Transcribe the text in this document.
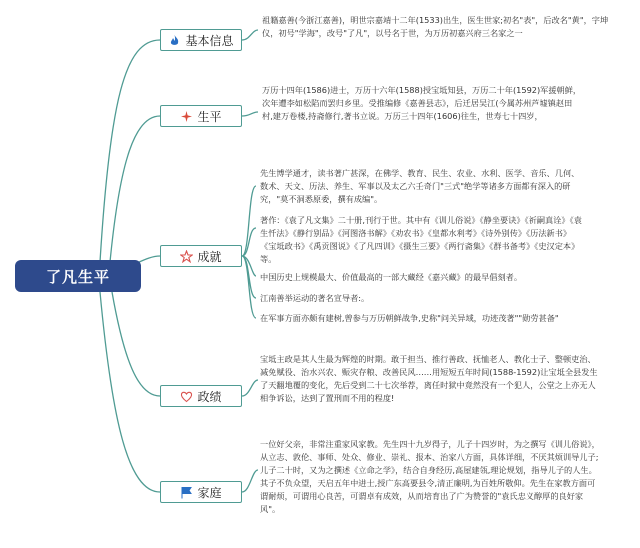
了凡生平
基本信息
祖籍嘉善(今浙江嘉善)，明世宗嘉靖十二年(1533)出生，医生世家;初名"表"，后改名"黄"，字坤仪，初号"学海"，改号"了凡"，以号名于世，为万历初嘉兴府三名家之一
生平
万历十四年(1586)进士，万历十六年(1588)授宝坻知县，万历二十年(1592)军援朝鲜，次年遭李如松陷而罢归乡里。受推编修《嘉善县志》，后迁居吴江(今属苏州芦墟镇赵田村,建万卷楼,持斋修行,著书立说。万历三十四年(1606)往生，世寿七十四岁，
成就
先生博学通才，读书著广甚深，在佛学、教育、民生、农业、水利、医学、音乐、几何、数术、天文、历法、养生、军事以及太乙六壬奇门"三式"绝学等诸多方面都有深入的研究，"莫不洞悉原委，撰有成编"。
著作：《袁了凡文集》二十册,刊行于世。其中有《训儿俗说》《静坐要诀》《祈嗣真诠》《袁生忏法》《静行别品》《河图洛书解》《劝农书》《皇都水利考》《诗外别传》《历法新书》《宝坻政书》《禹贡图说》《了凡四训》《摄生三要》《两行斋集》《群书备考》《史汉定本》等。
中国历史上规模最大、价值最高的一部大藏经《嘉兴藏》的最早倡刻者。
江南善举运动的著名宣导者:。
在军事方面亦颇有建树,曾参与万历朝鲜战争,史称"问关异域，功迹茂著""勋劳甚备"
政绩
宝坻主政是其人生最为辉煌的时期。敢于担当、推行善政、抚恤老人、教化士子、整顿吏治、减免赋役、治水兴农、赈灾存粮、改善民风……用短短五年时间(1588-1592)让宝坻全县发生了天翻地覆的变化，先后受到二十七次举荐，离任时狱中竟然没有一个犯人，公堂之上亦无人相争诉讼，达到了置刑而不用的程度!
家庭
一位好父亲，非常注重家风家教。先生四十九岁得子，儿子十四岁时，为之撰写《训儿俗说》，从立志、敦伦、事师、处众、修业、崇礼、报本、治家八方面，具体详细，不厌其烦训导儿子;儿子二十时，又为之撰述《立命之学》，结合自身经历,高屋建瓴,理论规划，指导儿子的人生。其子不负众望，天启五年中进士,授广东高要县令,清正廉明,为百姓所敬仰。先生在家教方面可谓耐烦，可谓用心良苦，可谓卓有成效，从而培育出了广为赞誉的"袁氏忠义醇厚的良好家风"。
